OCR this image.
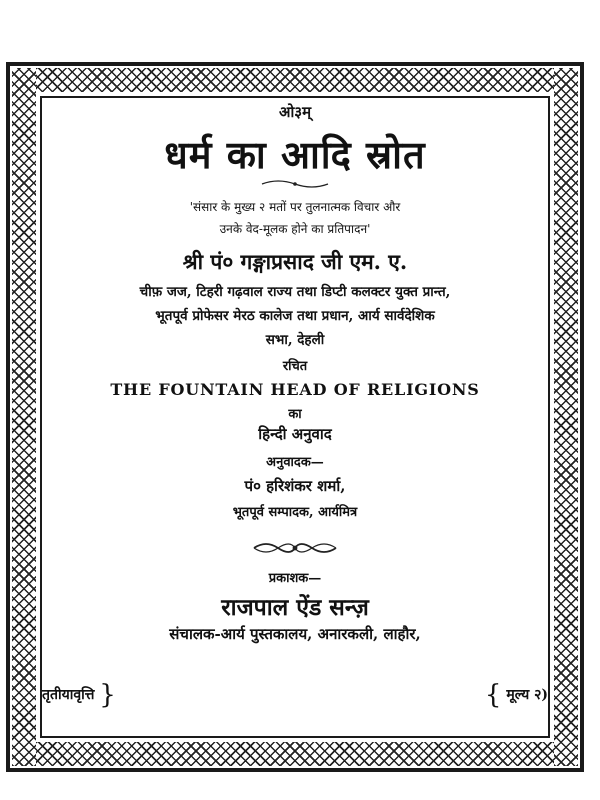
ओ३म्
धर्म का आदि स्रोत
'संसार के मुख्य २ मतों पर तुलनात्मक विचार और
उनके वेद-मूलक होने का प्रतिपादन'
श्री पं० गङ्गाप्रसाद जी एम. ए.
चीफ़ जज, टिहरी गढ़वाल राज्य तथा डिप्टी कलक्टर युक्त प्रान्त,
भूतपूर्व प्रोफेसर मेरठ कालेज तथा प्रधान, आर्य सार्वदेशिक
सभा, देहली
रचित
THE FOUNTAIN HEAD OF RELIGIONS
का
हिन्दी अनुवाद
अनुवादक—
पं० हरिशंकर शर्मा,
भूतपूर्व सम्पादक, आर्यमित्र
प्रकाशक—
राजपाल ऐंड सन्ज़
संचालक-आर्य पुस्तकालय, अनारकली, लाहौर,
तृतीयावृत्ति }	{ मूल्य २)
